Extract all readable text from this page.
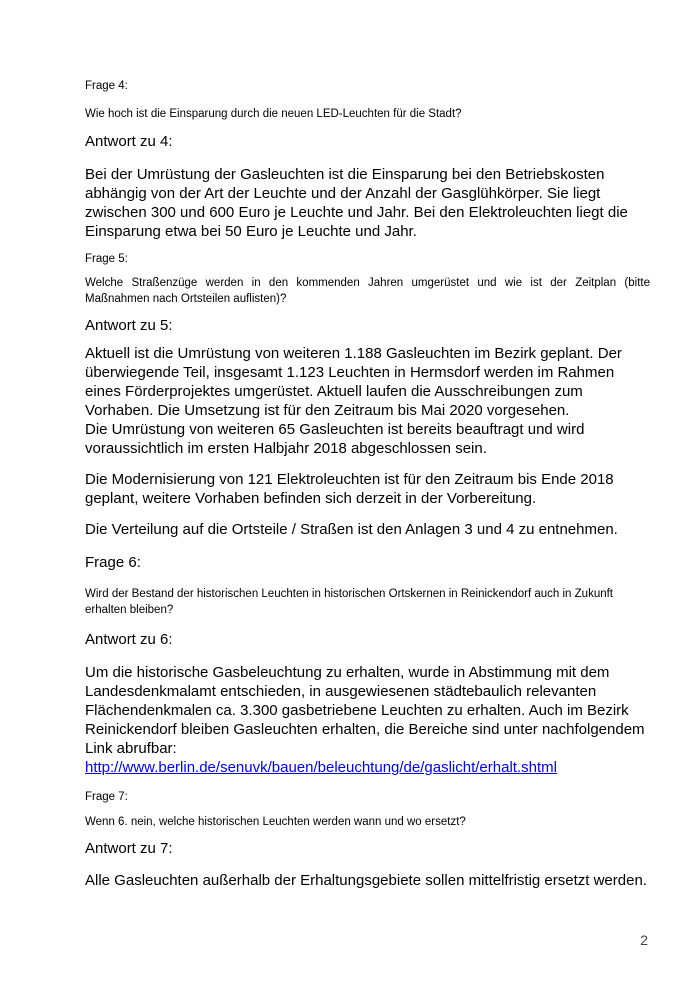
Frage 4:

Wie hoch ist die Einsparung durch die neuen LED-Leuchten für die Stadt?

Antwort zu 4:

Bei der Umrüstung der Gasleuchten ist die Einsparung bei den Betriebskosten abhängig von der Art der Leuchte und der Anzahl der Gasglühkörper. Sie liegt zwischen 300 und 600 Euro je Leuchte und Jahr. Bei den Elektroleuchten liegt die Einsparung etwa bei 50 Euro je Leuchte und Jahr.

Frage 5:

Welche Straßenzüge werden in den kommenden Jahren umgerüstet und wie ist der Zeitplan (bitte Maßnahmen nach Ortsteilen auflisten)?

Antwort zu 5:

Aktuell ist die Umrüstung von weiteren 1.188 Gasleuchten im Bezirk geplant. Der überwiegende Teil, insgesamt 1.123 Leuchten in Hermsdorf werden im Rahmen eines Förderprojektes umgerüstet. Aktuell laufen die Ausschreibungen zum Vorhaben. Die Umsetzung ist für den Zeitraum bis Mai 2020 vorgesehen.

Die Umrüstung von weiteren 65 Gasleuchten ist bereits beauftragt und wird voraussichtlich im ersten Halbjahr 2018 abgeschlossen sein.

Die Modernisierung von 121 Elektroleuchten ist für den Zeitraum bis Ende 2018 geplant, weitere Vorhaben befinden sich derzeit in der Vorbereitung.

Die Verteilung auf die Ortsteile / Straßen ist den Anlagen 3 und 4 zu entnehmen.

Frage 6:

Wird der Bestand der historischen Leuchten in historischen Ortskernen in Reinickendorf auch in Zukunft erhalten bleiben?

Antwort zu 6:

Um die historische Gasbeleuchtung zu erhalten, wurde in Abstimmung mit dem Landesdenkmalamt entschieden, in ausgewiesenen städtebaulich relevanten Flächendenkmalen ca. 3.300 gasbetriebene Leuchten zu erhalten. Auch im Bezirk Reinickendorf bleiben Gasleuchten erhalten, die Bereiche sind unter nachfolgendem Link abrufbar:

http://www.berlin.de/senuvk/bauen/beleuchtung/de/gaslicht/erhalt.shtml

Frage 7:

Wenn 6. nein, welche historischen Leuchten werden wann und wo ersetzt?

Antwort zu 7:

Alle Gasleuchten außerhalb der Erhaltungsgebiete sollen mittelfristig ersetzt werden.

2
